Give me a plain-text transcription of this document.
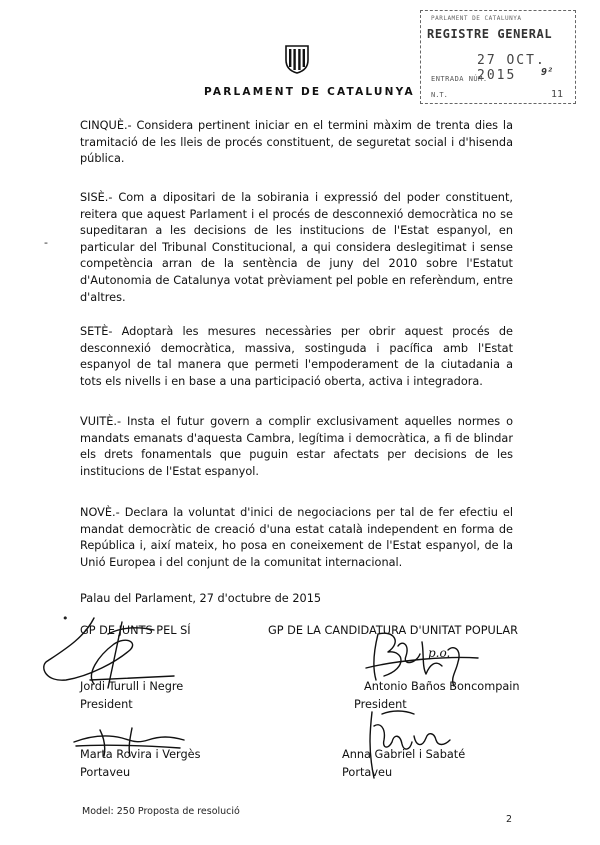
PARLAMENT DE CATALUNYA
PARLAMENT DE CATALUNYA
REGISTRE GENERAL
27 OCT. 2015
ENTRADA NÚM.
9²
N.T.	11

CINQUÈ.- Considera pertinent iniciar en el termini màxim de trenta dies la tramitació de les lleis de procés constituent, de seguretat social i d'hisenda pública.

SISÈ.- Com a dipositari de la sobirania i expressió del poder constituent, reitera que aquest Parlament i el procés de desconnexió democràtica no se supeditaran a les decisions de les institucions de l'Estat espanyol, en particular del Tribunal Constitucional, a qui considera deslegitimat i sense competència arran de la sentència de juny del 2010 sobre l'Estatut d'Autonomia de Catalunya votat prèviament pel poble en referèndum, entre d'altres.

-

SETÈ- Adoptarà les mesures necessàries per obrir aquest procés de desconnexió democràtica, massiva, sostinguda i pacífica amb l'Estat espanyol de tal manera que permeti l'empoderament de la ciutadania a tots els nivells i en base a una participació oberta, activa i integradora.

VUITÈ.- Insta el futur govern a complir exclusivament aquelles normes o mandats emanats d'aquesta Cambra, legítima i democràtica, a fi de blindar els drets fonamentals que puguin estar afectats per decisions de les institucions de l'Estat espanyol.

NOVÈ.- Declara la voluntat d'inici de negociacions per tal de fer efectiu el mandat democràtic de creació d'una estat català independent en forma de República i, així mateix, ho posa en coneixement de l'Estat espanyol, de la Unió Europea i del conjunt de la comunitat internacional.

Palau del Parlament, 27 d'octubre de 2015
•
GP DE JUNTS PEL SÍ	GP DE LA CANDIDATURA D'UNITAT POPULAR
Jordi Turull i Negre
President
p.o.
Antonio Baños Boncompain
President
Marta Rovira i Vergès
Portaveu
Anna Gabriel i Sabaté
Portaveu
Model: 250 Proposta de resolució
2
